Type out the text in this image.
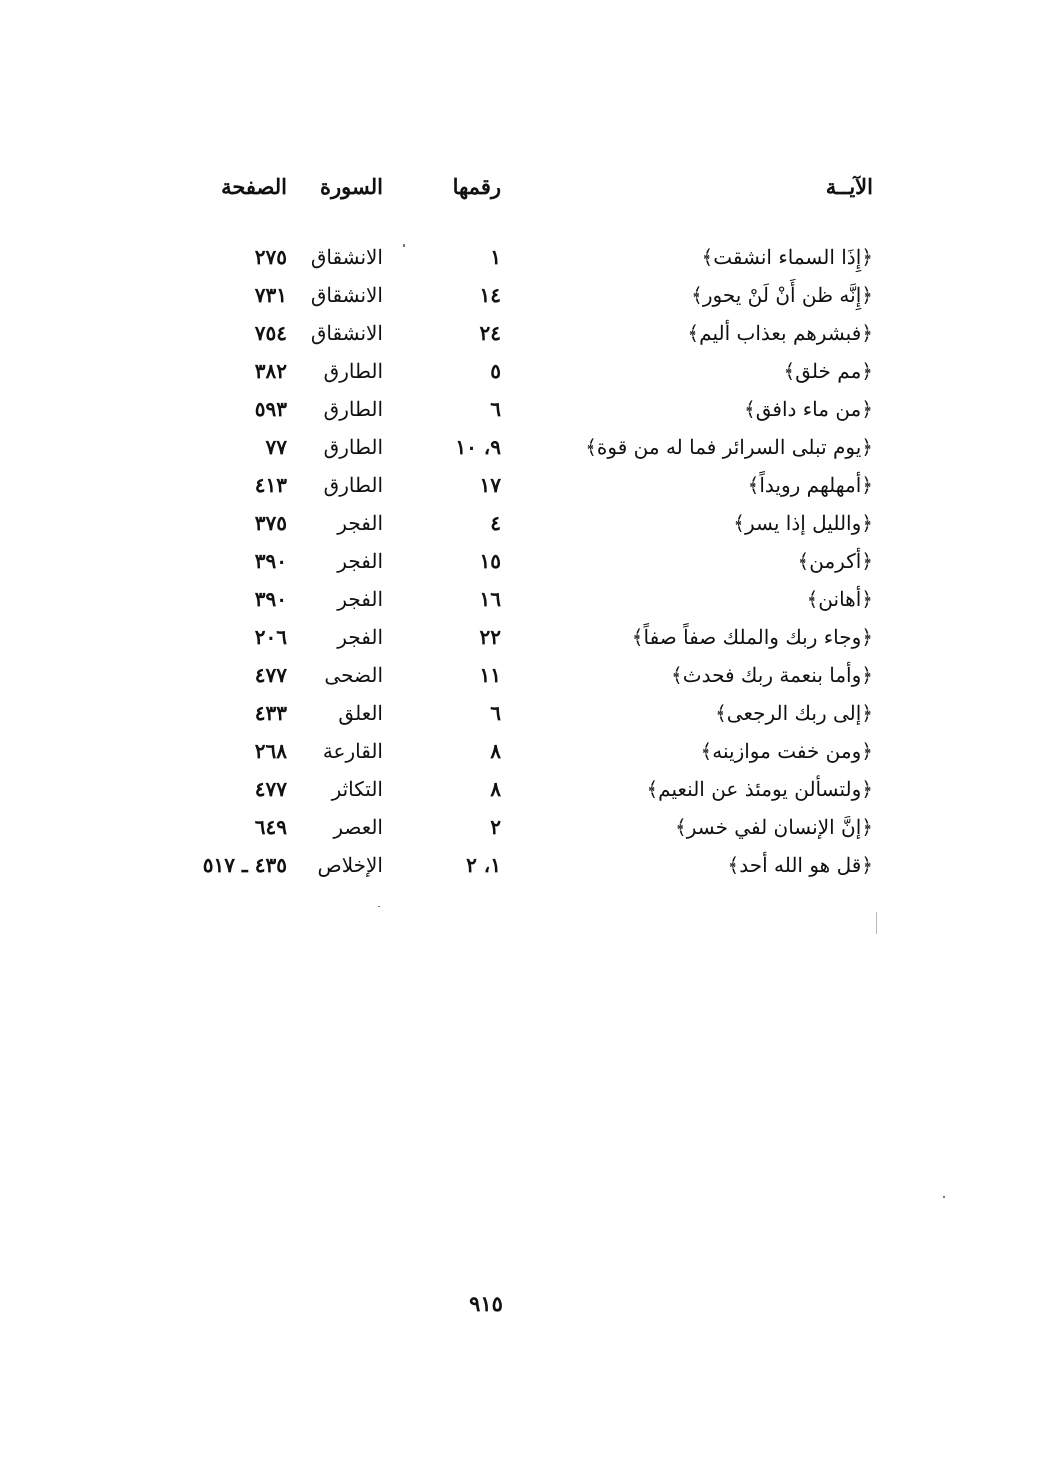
الآيــة
رقمها
السورة
الصفحة
﴿إِذَا السماء انشقت﴾
١
الانشقاق
٢٧٥
﴿إِنَّه ظن أَنْ لَنْ يحور﴾
١٤
الانشقاق
٧٣١
﴿فبشرهم بعذاب أليم﴾
٢٤
الانشقاق
٧٥٤
﴿مم خلق﴾
٥
الطارق
٣٨٢
﴿من ماء دافق﴾
٦
الطارق
٥٩٣
﴿يوم تبلى السرائر فما له من قوة﴾
٩، ١٠
الطارق
٧٧
﴿أمهلهم رويداً﴾
١٧
الطارق
٤١٣
﴿والليل إذا يسر﴾
٤
الفجر
٣٧٥
﴿أكرمن﴾
١٥
الفجر
٣٩٠
﴿أهانن﴾
١٦
الفجر
٣٩٠
﴿وجاء ربك والملك صفاً صفاً﴾
٢٢
الفجر
٢٠٦
﴿وأما بنعمة ربك فحدث﴾
١١
الضحى
٤٧٧
﴿إلى ربك الرجعى﴾
٦
العلق
٤٣٣
﴿ومن خفت موازينه﴾
٨
القارعة
٢٦٨
﴿ولتسألن يومئذ عن النعيم﴾
٨
التكاثر
٤٧٧
﴿إنَّ الإنسان لفي خسر﴾
٢
العصر
٦٤٩
﴿قل هو الله أحد﴾
١، ٢
الإخلاص
٤٣٥ ـ ٥١٧
٩١٥
